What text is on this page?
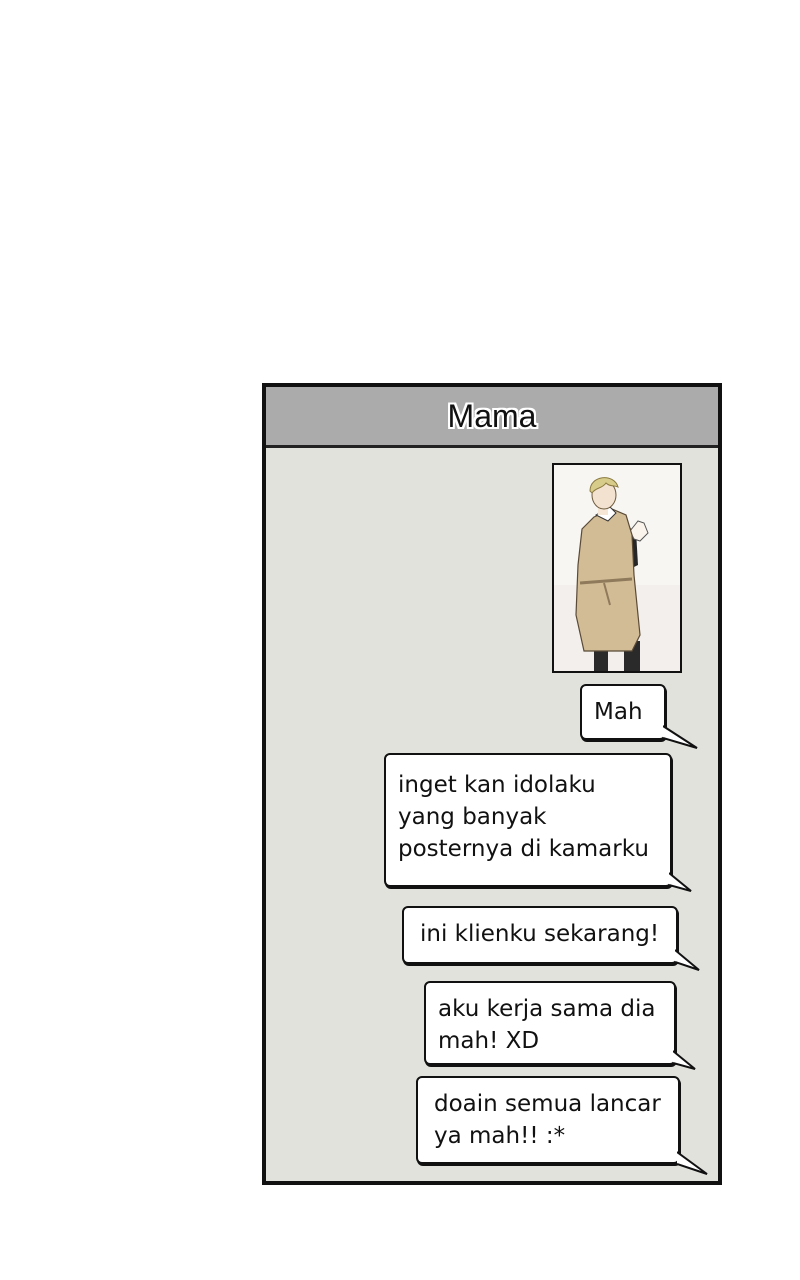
Mama
Mah
inget kan idolaku yang banyak posternya di kamarku
ini klienku sekarang!
aku kerja sama dia mah! XD
doain semua lancar ya mah!! :*
